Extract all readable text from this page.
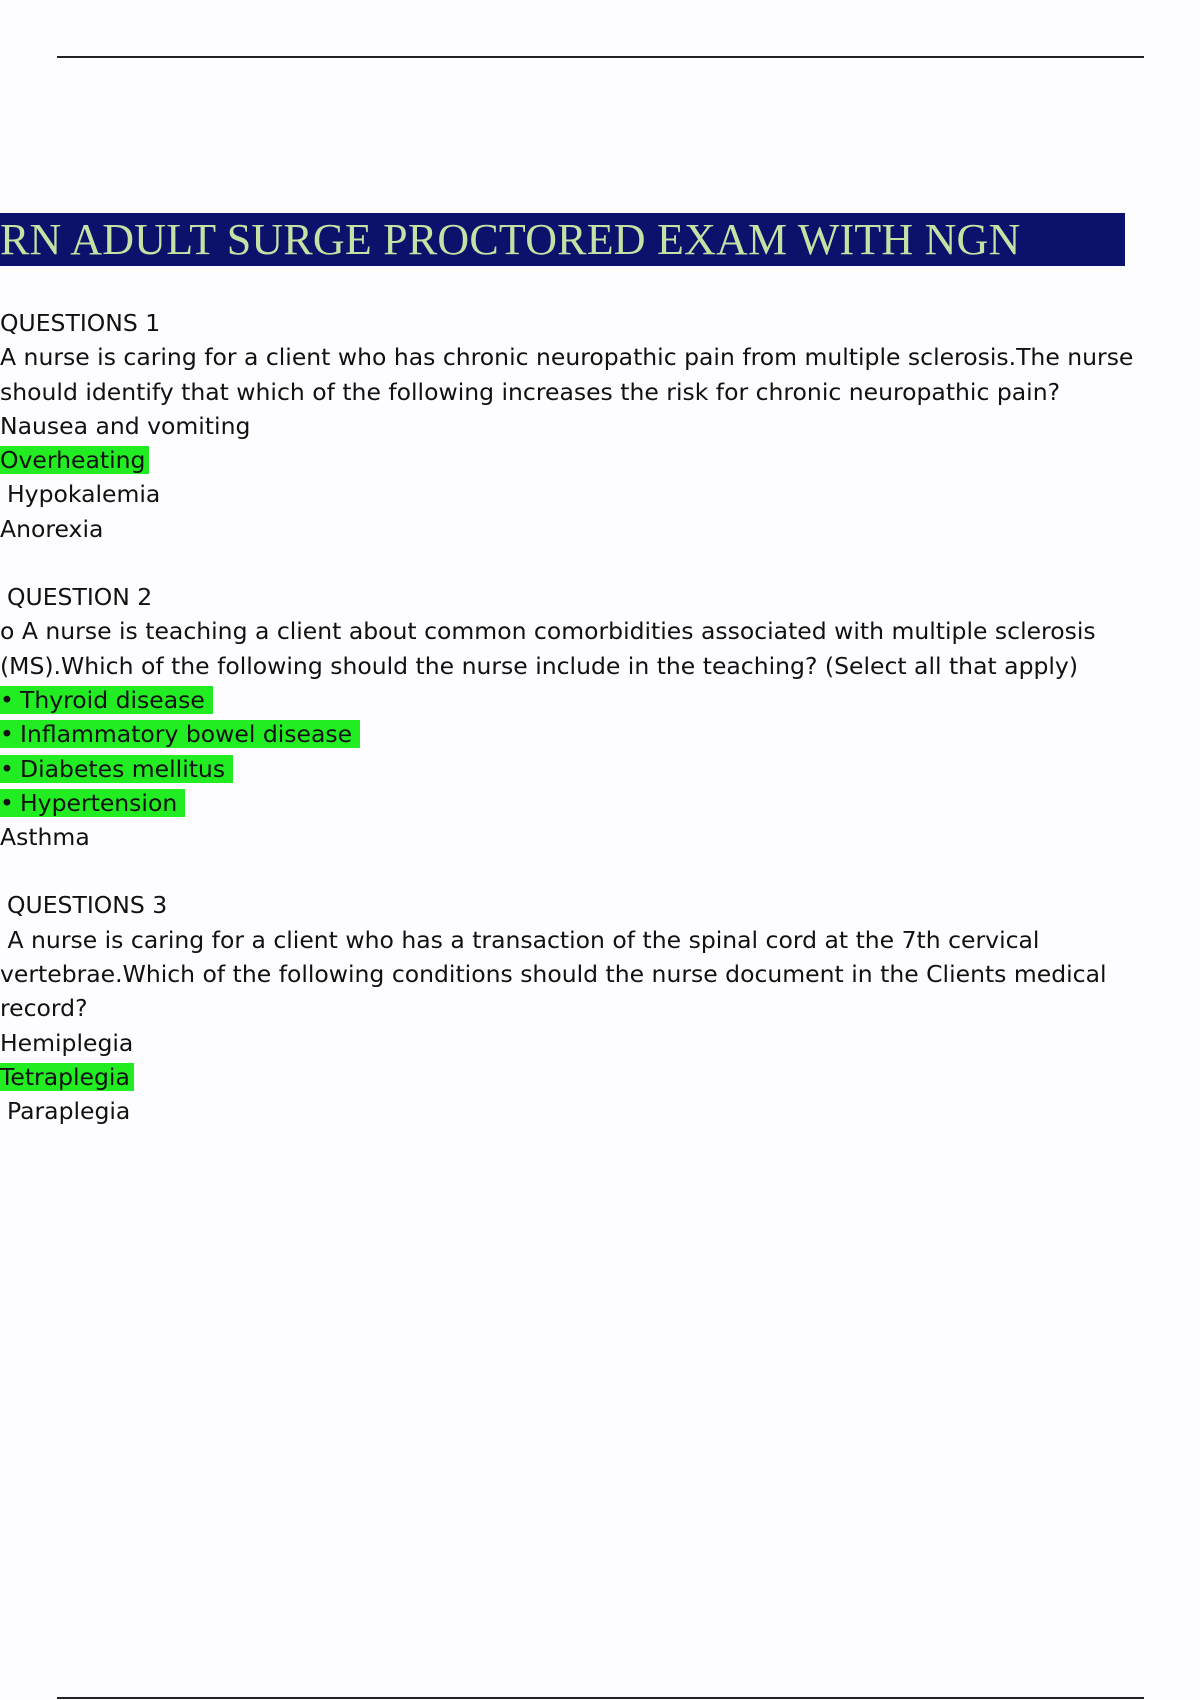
RN ADULT SURGE PROCTORED EXAM WITH NGN
QUESTIONS 1
A nurse is caring for a client who has chronic neuropathic pain from multiple sclerosis.The nurse should identify that which of the following increases the risk for chronic neuropathic pain?
Nausea and vomiting
Overheating
Hypokalemia
Anorexia
QUESTION 2
o A nurse is teaching a client about common comorbidities associated with multiple sclerosis (MS).Which of the following should the nurse include in the teaching? (Select all that apply)
• Thyroid disease
• Inflammatory bowel disease
• Diabetes mellitus
• Hypertension
Asthma
QUESTIONS 3
A nurse is caring for a client who has a transaction of the spinal cord at the 7th cervical vertebrae.Which of the following conditions should the nurse document in the Clients medical record?
Hemiplegia
Tetraplegia
Paraplegia
